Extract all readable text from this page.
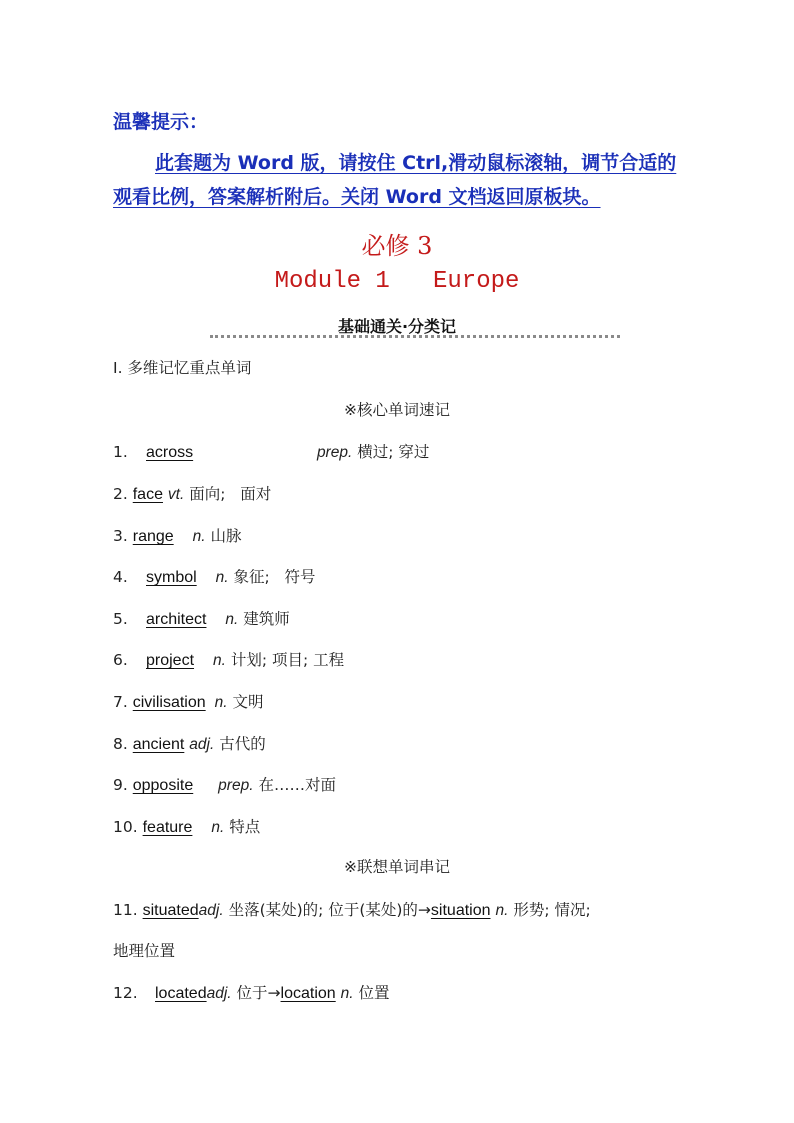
温馨提示：
此套题为 Word 版，请按住 Ctrl,滑动鼠标滚轴，调节合适的观看比例，答案解析附后。关闭 Word 文档返回原板块。
必修 3
Module 1   Europe
基础通关·分类记
Ⅰ. 多维记忆重点单词
※核心单词速记
1. across	prep. 横过; 穿过
2. face vt. 面向;   面对
3. range n. 山脉
4. symbol n. 象征;   符号
5. architect n. 建筑师
6. project n. 计划; 项目; 工程
7. civilisation n. 文明
8. ancient adj. 古代的
9. opposite prep. 在……对面
10. feature n. 特点
※联想单词串记
11. situatedadj. 坐落(某处)的; 位于(某处)的→situation n. 形势; 情况;
地理位置
12. locatedadj. 位于→location n. 位置
